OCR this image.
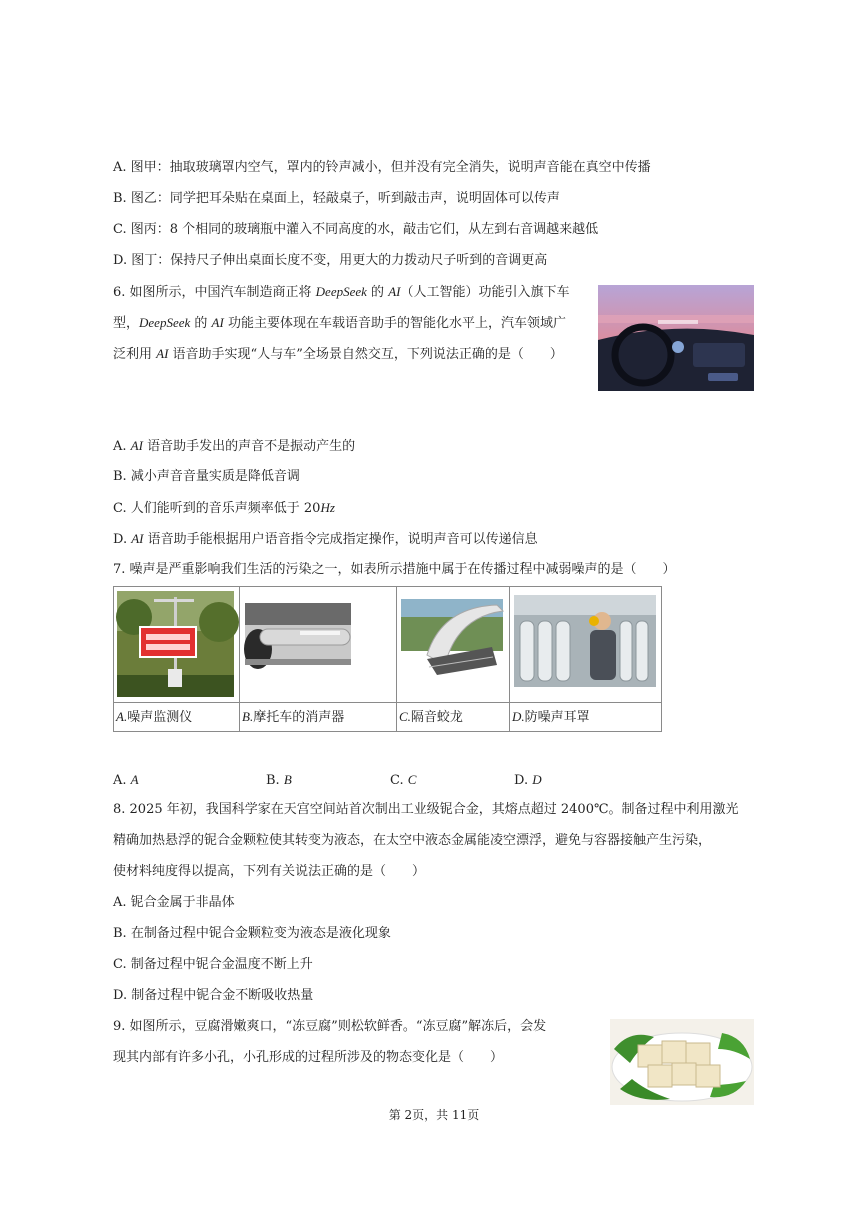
A. 图甲：抽取玻璃罩内空气，罩内的铃声减小，但并没有完全消失，说明声音能在真空中传播
B. 图乙：同学把耳朵贴在桌面上，轻敲桌子，听到敲击声，说明固体可以传声
C. 图丙：8 个相同的玻璃瓶中灌入不同高度的水，敲击它们，从左到右音调越来越低
D. 图丁：保持尺子伸出桌面长度不变，用更大的力拨动尺子听到的音调更高
6. 如图所示，中国汽车制造商正将 DeepSeek 的 AI（人工智能）功能引入旗下车
型，DeepSeek 的 AI 功能主要体现在车载语音助手的智能化水平上，汽车领域广
泛利用 AI 语音助手实现“人与车”全场景自然交互，下列说法正确的是（　　）
A. AI 语音助手发出的声音不是振动产生的
B. 减小声音音量实质是降低音调
C. 人们能听到的音乐声频率低于 20Hz
D. AI 语音助手能根据用户语音指令完成指定操作，说明声音可以传递信息
7. 噪声是严重影响我们生活的污染之一，如表所示措施中属于在传播过程中减弱噪声的是（　　）
A.噪声监测仪	B.摩托车的消声器	C.隔音蛟龙	D.防噪声耳罩
A. A	B. B	C. C	D. D
8. 2025 年初，我国科学家在天宫空间站首次制出工业级铌合金，其熔点超过 2400℃。制备过程中利用激光
精确加热悬浮的铌合金颗粒使其转变为液态，在太空中液态金属能凌空漂浮，避免与容器接触产生污染，
使材料纯度得以提高，下列有关说法正确的是（　　）
A. 铌合金属于非晶体
B. 在制备过程中铌合金颗粒变为液态是液化现象
C. 制备过程中铌合金温度不断上升
D. 制备过程中铌合金不断吸收热量
9. 如图所示，豆腐滑嫩爽口，“冻豆腐”则松软鲜香。“冻豆腐”解冻后，会发
现其内部有许多小孔，小孔形成的过程所涉及的物态变化是（　　）
第 2页，共 11页
